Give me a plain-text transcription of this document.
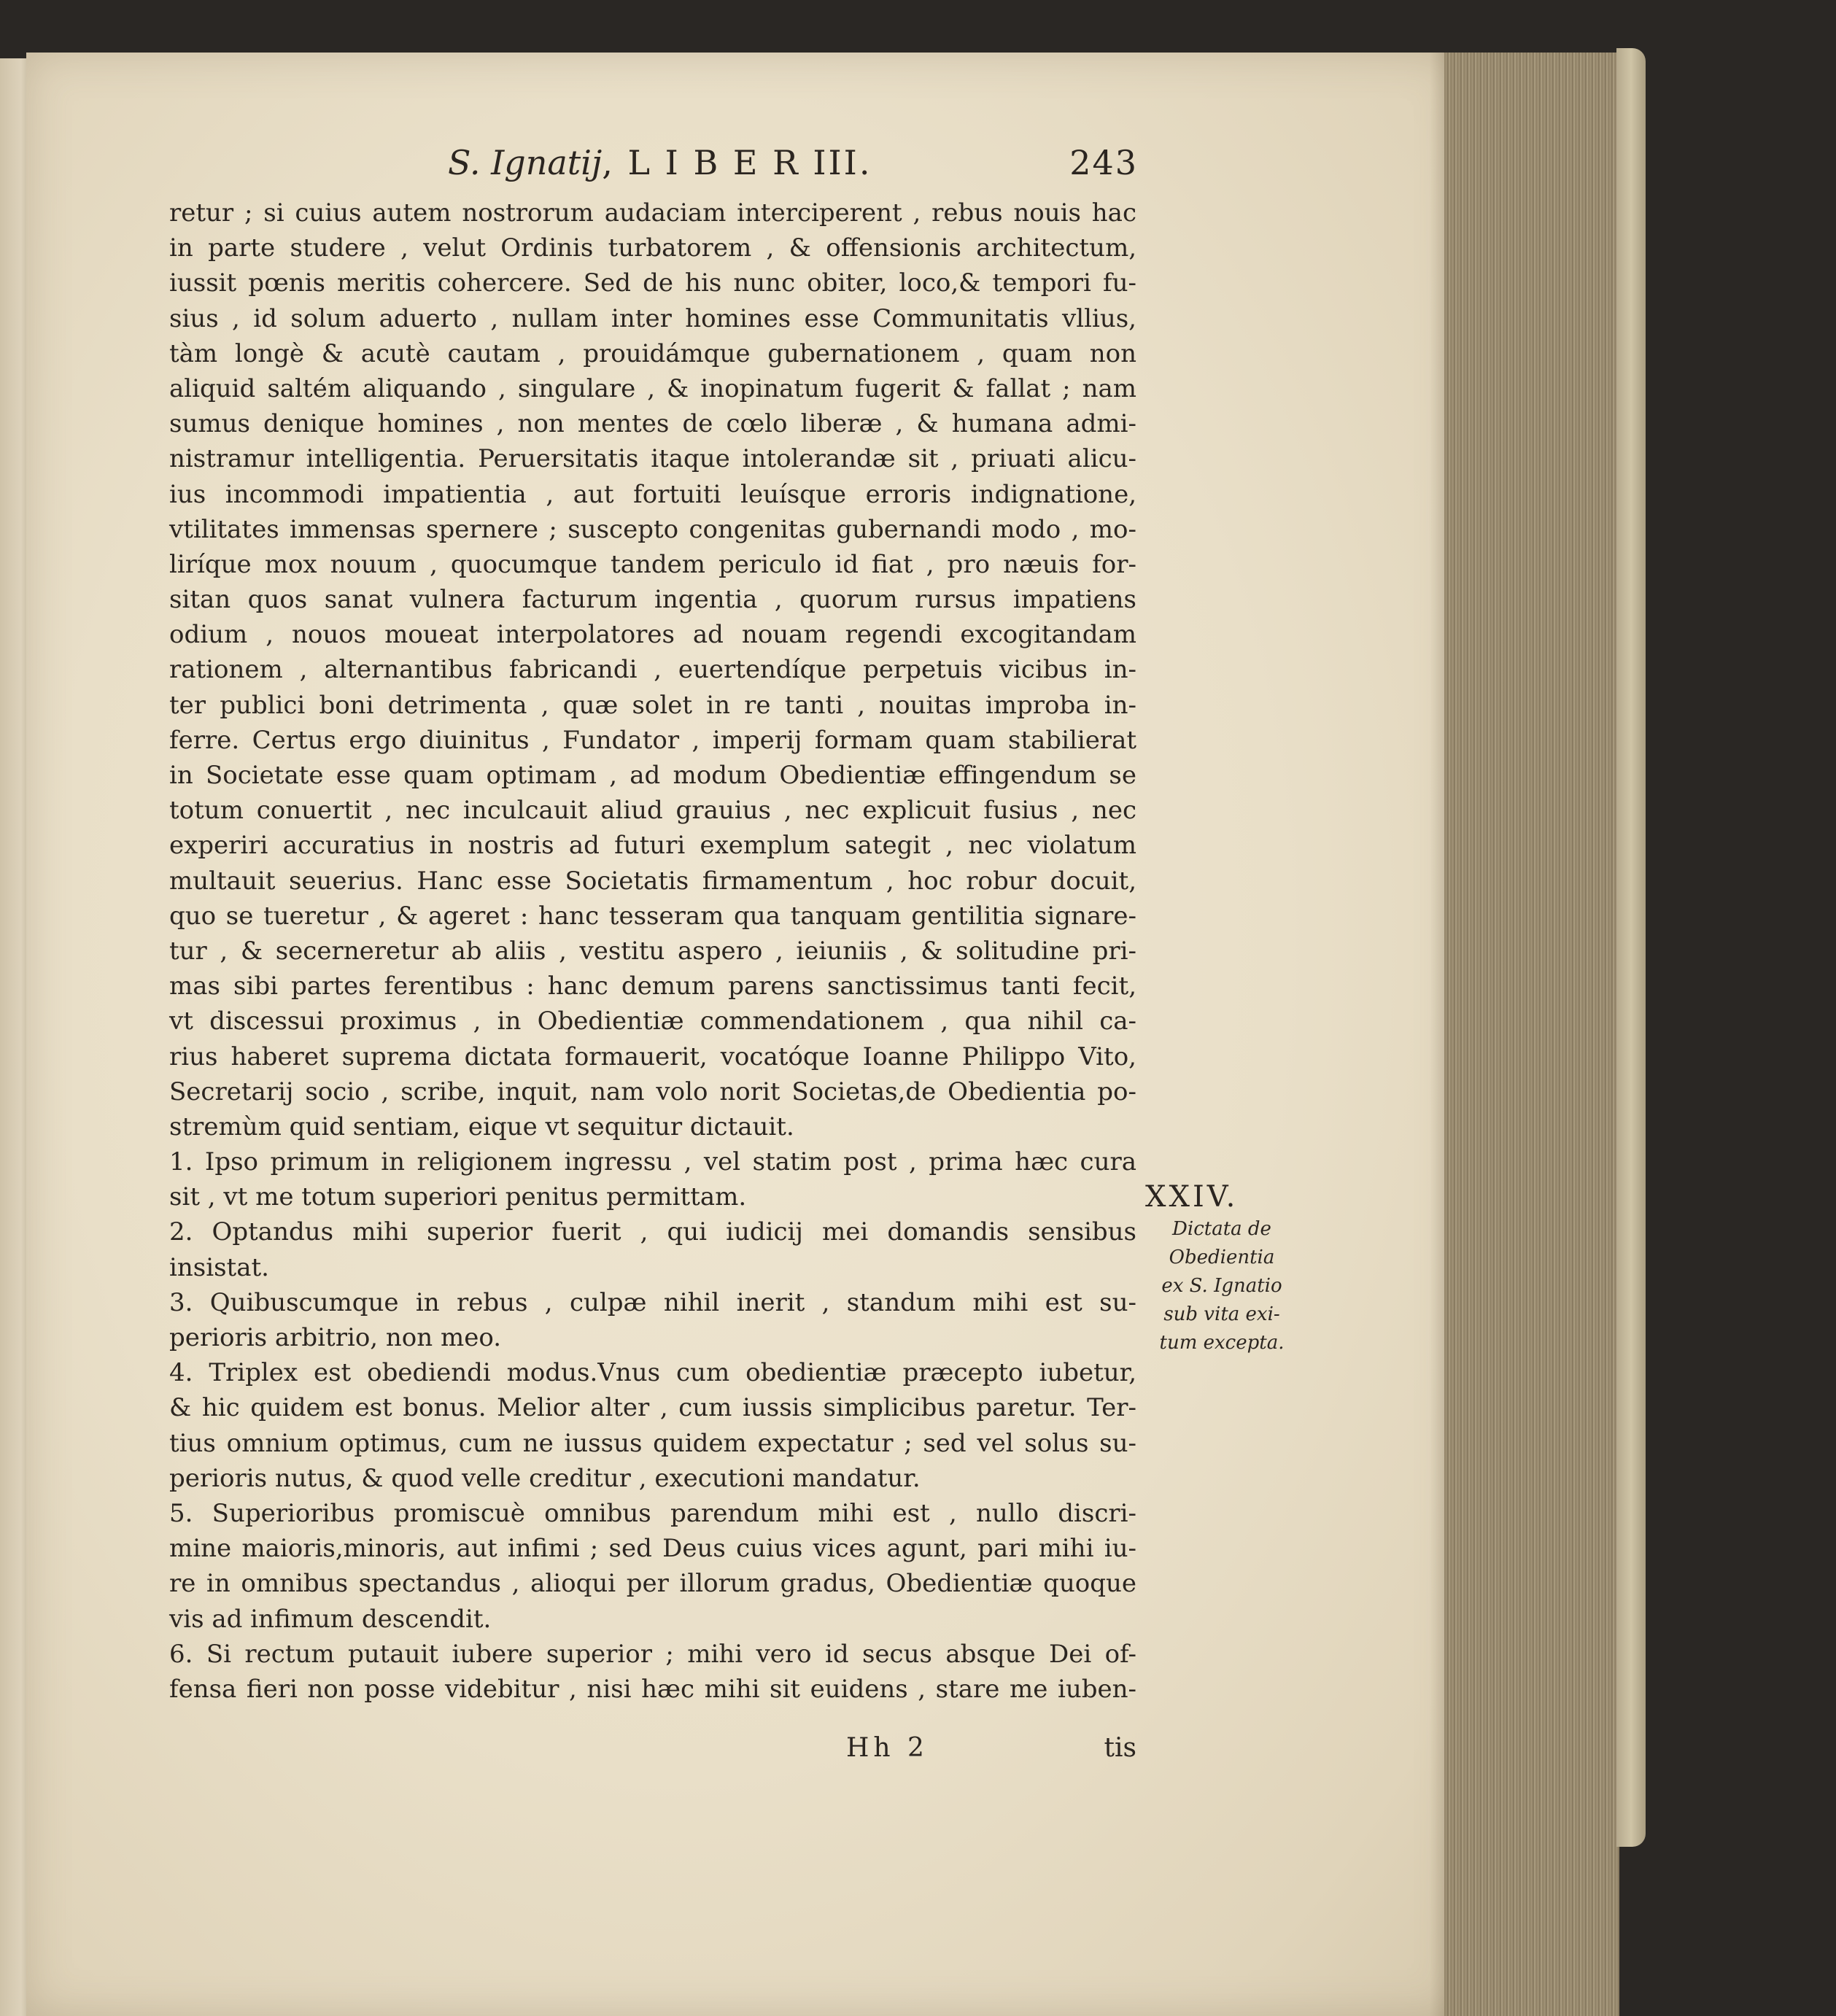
S. Ignatij, L I B E R III.	243
retur ; si cuius autem nostrorum audaciam interciperent , rebus nouis hac
in parte studere , velut Ordinis turbatorem , & offensionis architectum,
iussit pœnis meritis cohercere. Sed de his nunc obiter, loco,& tempori fu-
sius , id solum aduerto , nullam inter homines esse Communitatis vllius,
tàm longè & acutè cautam , prouidámque gubernationem , quam non
aliquid saltém aliquando , singulare , & inopinatum fugerit & fallat ; nam
sumus denique homines , non mentes de cœlo liberæ , & humana admi-
nistramur intelligentia. Peruersitatis itaque intolerandæ sit , priuati alicu-
ius incommodi impatientia , aut fortuiti leuísque erroris indignatione,
vtilitates immensas spernere ; suscepto congenitas gubernandi modo , mo-
liríque mox nouum , quocumque tandem periculo id fiat , pro næuis for-
sitan quos sanat vulnera facturum ingentia , quorum rursus impatiens
odium , nouos moueat interpolatores ad nouam regendi excogitandam
rationem , alternantibus fabricandi , euertendíque perpetuis vicibus in-
ter publici boni detrimenta , quæ solet in re tanti , nouitas improba in-
ferre. Certus ergo diuinitus , Fundator , imperij formam quam stabilierat
in Societate esse quam optimam , ad modum Obedientiæ effingendum se
totum conuertit , nec inculcauit aliud grauius , nec explicuit fusius , nec
experiri accuratius in nostris ad futuri exemplum sategit , nec violatum
multauit seuerius. Hanc esse Societatis firmamentum , hoc robur docuit,
quo se tueretur , & ageret : hanc tesseram qua tanquam gentilitia signare-
tur , & secerneretur ab aliis , vestitu aspero , ieiuniis , & solitudine pri-
mas sibi partes ferentibus : hanc demum parens sanctissimus tanti fecit,
vt discessui proximus , in Obedientiæ commendationem , qua nihil ca-
rius haberet suprema dictata formauerit, vocatóque Ioanne Philippo Vito,
Secretarij socio , scribe, inquit, nam volo norit Societas,de Obedientia po-
stremùm quid sentiam, eique vt sequitur dictauit.
1. Ipso primum in religionem ingressu , vel statim post , prima hæc cura
sit , vt me totum superiori penitus permittam.
2. Optandus mihi superior fuerit , qui iudicij mei domandis sensibus
insistat.
3. Quibuscumque in rebus , culpæ nihil inerit , standum mihi est su-
perioris arbitrio, non meo.
4. Triplex est obediendi modus.Vnus cum obedientiæ præcepto iubetur,
& hic quidem est bonus. Melior alter , cum iussis simplicibus paretur. Ter-
tius omnium optimus, cum ne iussus quidem expectatur ; sed vel solus su-
perioris nutus, & quod velle creditur , executioni mandatur.
5. Superioribus promiscuè omnibus parendum mihi est , nullo discri-
mine maioris,minoris, aut infimi ; sed Deus cuius vices agunt, pari mihi iu-
re in omnibus spectandus , alioqui per illorum gradus, Obedientiæ quoque
vis ad infimum descendit.
6. Si rectum putauit iubere superior ; mihi vero id secus absque Dei of-
fensa fieri non posse videbitur , nisi hæc mihi sit euidens , stare me iuben-
Hh 2	tis
XXIV.
Dictata de
Obedientia
ex S. Ignatio
sub vita exi-
tum excepta.
